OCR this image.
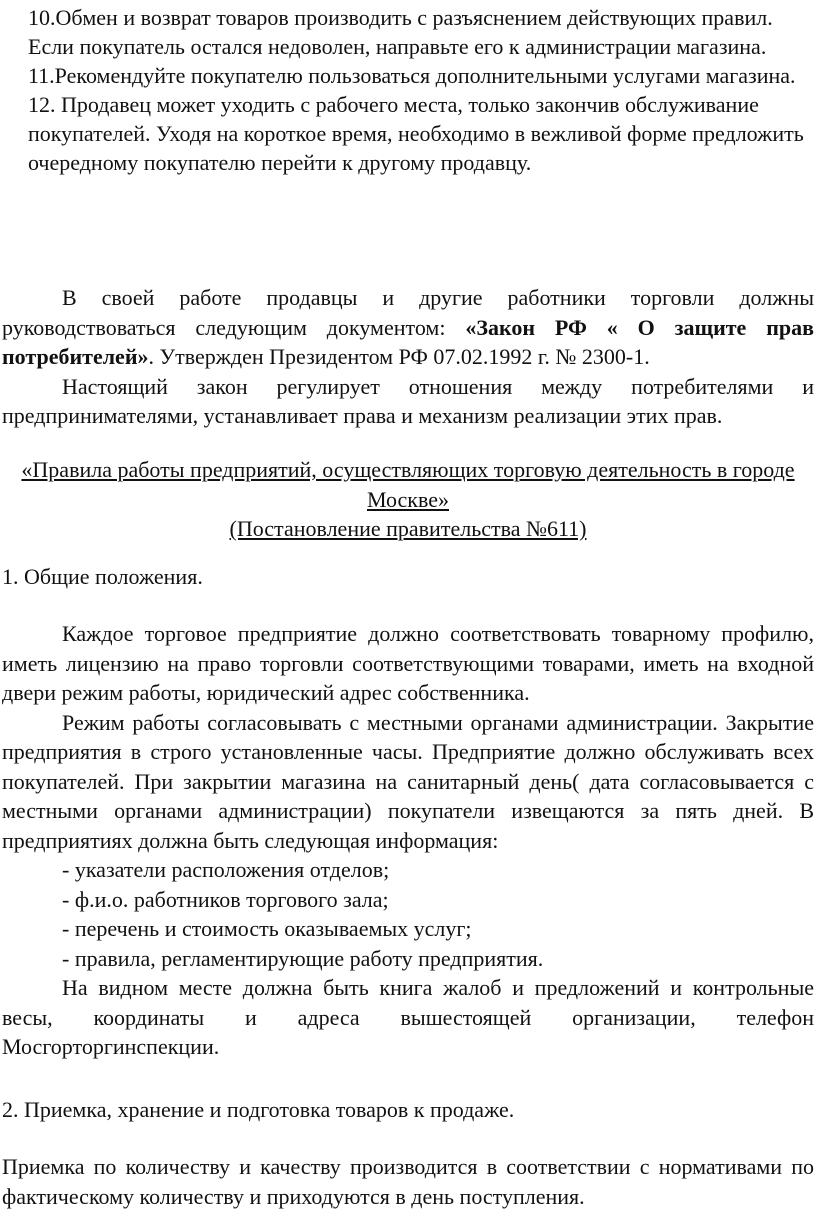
10.Обмен и возврат товаров производить с разъяснением действующих правил. Если покупатель остался недоволен, направьте его к администрации магазина.

11.Рекомендуйте покупателю пользоваться дополнительными услугами магазина.

12. Продавец может уходить с рабочего места, только закончив обслуживание покупателей. Уходя на короткое время, необходимо в вежливой форме предложить очередному покупателю перейти к другому продавцу.

В своей работе продавцы и другие работники торговли должны руководствоваться следующим документом: «Закон РФ « О защите прав потребителей». Утвержден Президентом РФ 07.02.1992 г. № 2300-1.

Настоящий закон регулирует отношения между потребителями и предпринимателями, устанавливает права и механизм реализации этих прав.

«Правила работы предприятий, осуществляющих торговую деятельность в городе Москве»

(Постановление правительства №611)

1. Общие положения.

Каждое торговое предприятие должно соответствовать товарному профилю, иметь лицензию на право торговли соответствующими товарами, иметь на входной двери режим работы, юридический адрес собственника.

Режим работы согласовывать с местными органами администрации. Закрытие предприятия в строго установленные часы. Предприятие должно обслуживать всех покупателей. При закрытии магазина на санитарный день( дата согласовывается с местными органами администрации) покупатели извещаются за пять дней. В предприятиях должна быть следующая информация:

- указатели расположения отделов;

- ф.и.о. работников торгового зала;

- перечень и стоимость оказываемых услуг;

- правила, регламентирующие работу предприятия.

На видном месте должна быть книга жалоб и предложений и контрольные весы, координаты и адреса вышестоящей организации, телефон Мосгорторгинспекции.

2. Приемка, хранение и подготовка товаров к продаже.

Приемка по количеству и качеству производится в соответствии с нормативами по фактическому количеству и приходуются в день поступления.
